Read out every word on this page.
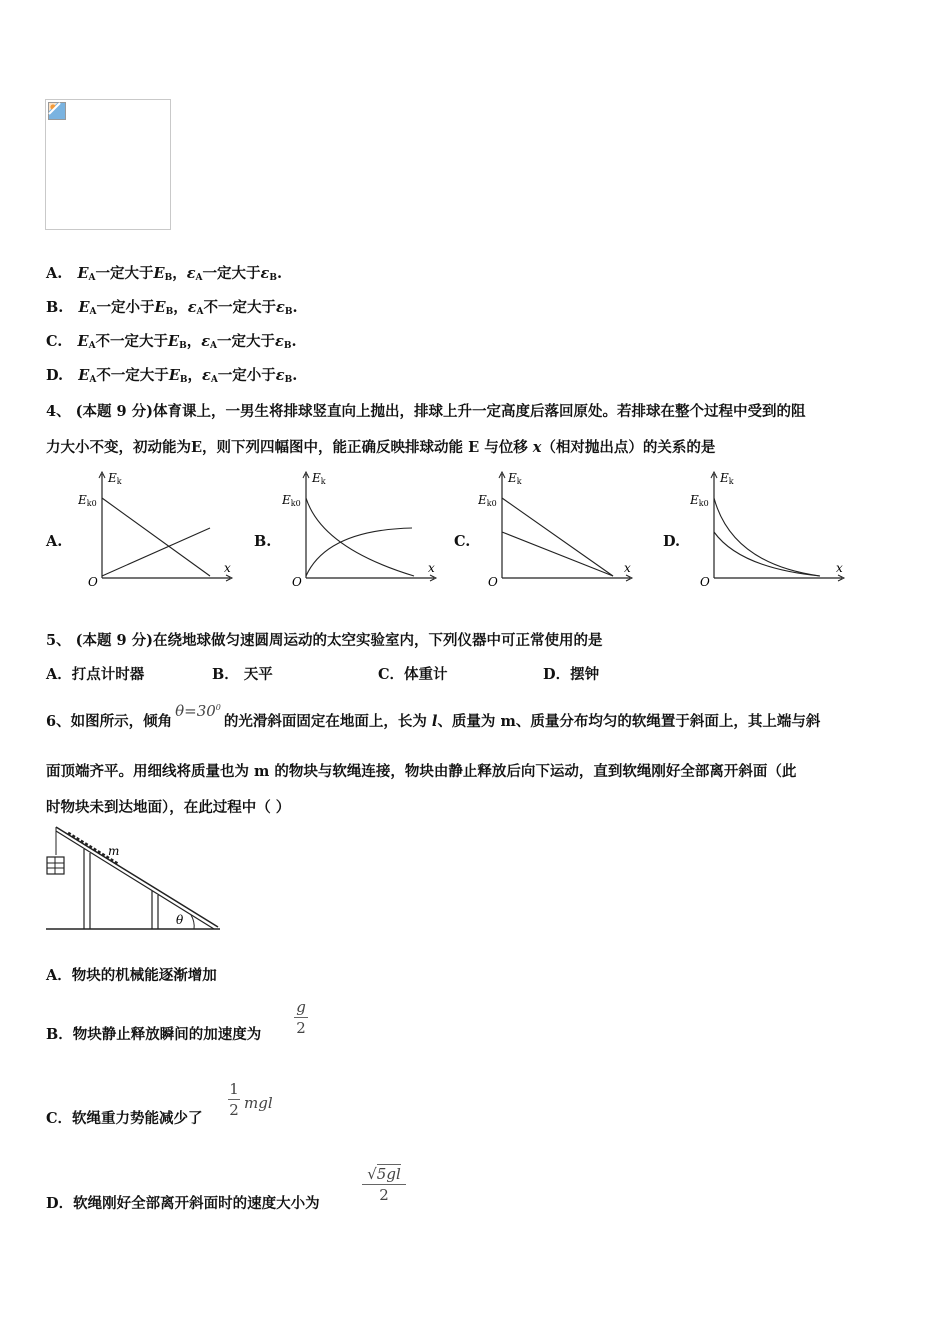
A. $E_A$一定大于$E_B$，$\varepsilon_A$一定大于$\varepsilon_B$.
B. $E_A$一定小于$E_B$，$\varepsilon_A$不一定大于$\varepsilon_B$.
C. $E_A$不一定大于$E_B$，$\varepsilon_A$一定大于$\varepsilon_B$.
D. $E_A$不一定大于$E_B$，$\varepsilon_A$一定小于$\varepsilon_B$.
4、 (本题 9 分)体育课上，一男生将排球竖直向上抛出，排球上升一定高度后落回原处。若排球在整个过程中受到的阻
力大小不变，初动能为E，则下列四幅图中，能正确反映排球动能 E 与位移 x（相对抛出点）的关系的是
A.
Ek
Ek0
O
x
B.
Ek
Ek0
O
x
C.
Ek
Ek0
O
x
D.
Ek
Ek0
O
x
5、 (本题 9 分)在绕地球做匀速圆周运动的太空实验室内，下列仪器中可正常使用的是
A．打点计时器	B． 天平	C．体重计	D．摆钟
6、如图所示，倾角$\theta=30^0$的光滑斜面固定在地面上，长为 l、质量为 m、质量分布均匀的软绳置于斜面上，其上端与斜
面顶端齐平。用细线将质量也为 m 的物块与软绳连接，物块由静止释放后向下运动，直到软绳刚好全部离开斜面（此
时物块未到达地面），在此过程中（ ）
m
θ
A．物块的机械能逐渐增加
B．物块静止释放瞬间的加速度为
g
2
C．软绳重力势能减少了
1
2 mgl
D．软绳刚好全部离开斜面时的速度大小为
√5gl
2
